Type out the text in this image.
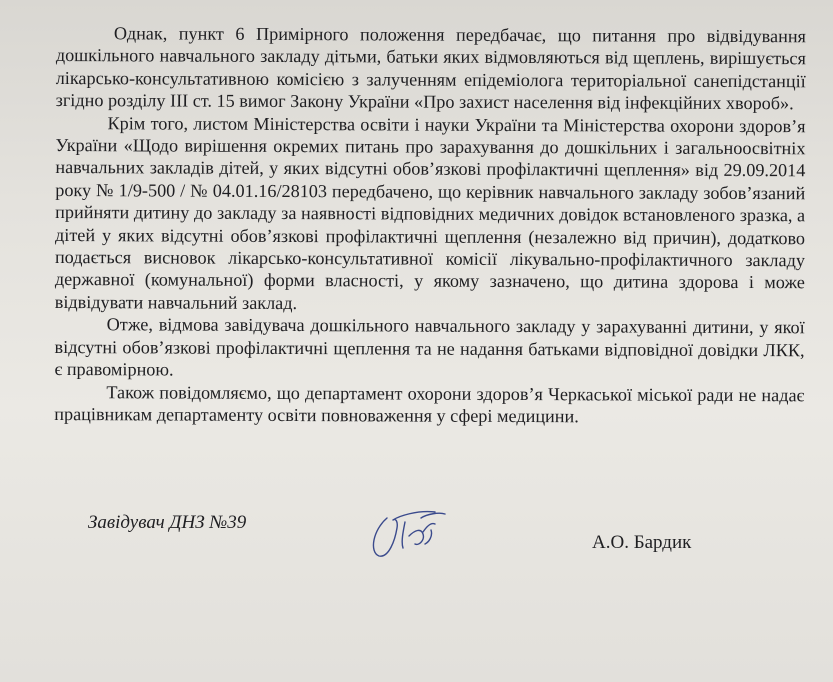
Однак, пункт 6 Примірного положення передбачає, що питання про відвідування дошкільного навчального закладу дітьми, батьки яких відмовляються від щеплень, вирішується лікарсько-консультативною комісією з залученням епідеміолога територіальної санепідстанції згідно розділу ІІІ ст. 15 вимог Закону України «Про захист населення від інфекційних хвороб».

Крім того, листом Міністерства освіти і науки України та Міністерства охорони здоров’я України «Щодо вирішення окремих питань про зарахування до дошкільних і загальноосвітніх навчальних закладів дітей, у яких відсутні обов’язкові профілактичні щеплення» від 29.09.2014 року № 1/9-500 / № 04.01.16/28103 передбачено, що керівник навчального закладу зобов’язаний прийняти дитину до закладу за наявності відповідних медичних довідок встановленого зразка, а дітей у яких відсутні обов’язкові профілактичні щеплення (незалежно від причин), додатково подається висновок лікарсько-консультативної комісії лікувально-профілактичного закладу державної (комунальної) форми власності, у якому зазначено, що дитина здорова і може відвідувати навчальний заклад.

Отже, відмова завідувача дошкільного навчального закладу у зарахуванні дитини, у якої відсутні обов’язкові профілактичні щеплення та не надання батьками відповідної довідки ЛКК, є правомірною.

Також повідомляємо, що департамент охорони здоров’я Черкаської міської ради не надає працівникам департаменту освіти повноваження у сфері медицини.

Завідувач ДНЗ №39
А.О. Бардик
